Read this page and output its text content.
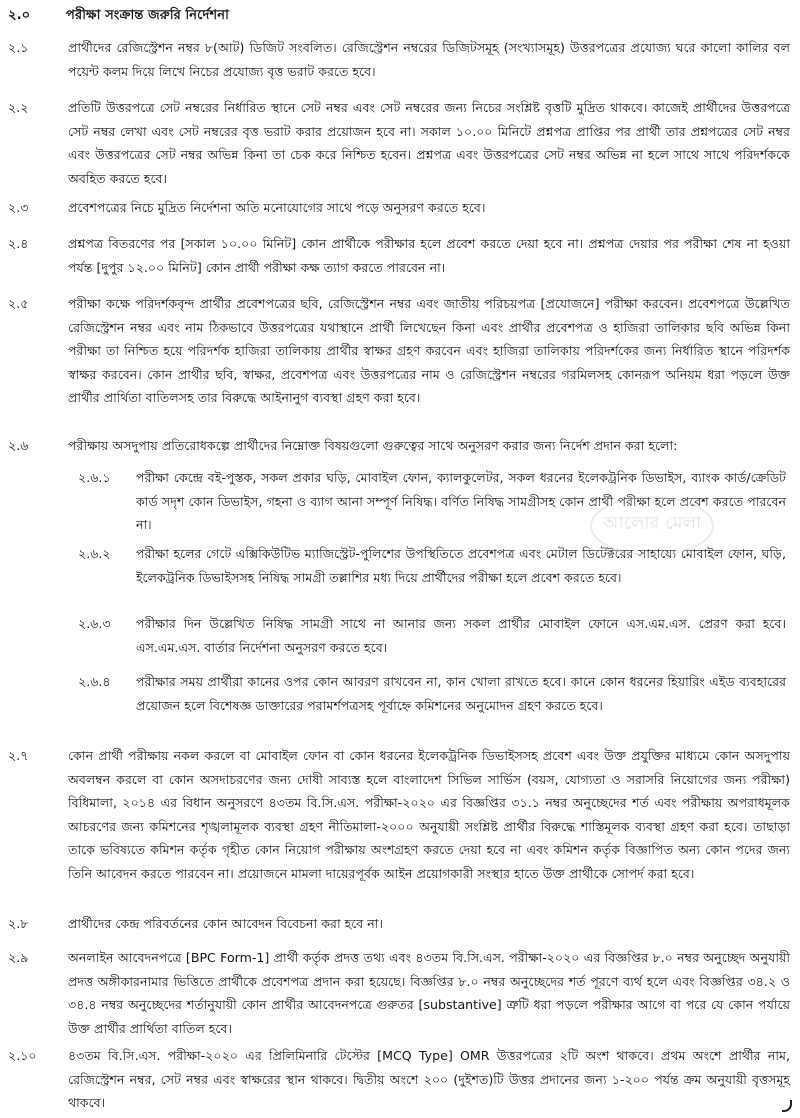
২.০	পরীক্ষা সংক্রান্ত জরুরি নির্দেশনা
২.১	প্রার্থীদের রেজিস্ট্রেশন নম্বর ৮(আট) ডিজিট সংবলিত। রেজিস্ট্রেশন নম্বরের ডিজিটসমূহ (সংখ্যাসমূহ) উত্তরপত্রের প্রযোজ্য ঘরে কালো কালির বল পয়েন্ট কলম দিয়ে লিখে নিচের প্রযোজ্য বৃত্ত ভরাট করতে হবে।
২.২	প্রতিটি উত্তরপত্রে সেট নম্বরের নির্ধারিত স্থানে সেট নম্বর এবং সেট নম্বরের জন্য নিচের সংশ্লিষ্ট বৃত্তটি মুদ্রিত থাকবে। কাজেই প্রার্থীদের উত্তরপত্রে সেট নম্বর লেখা এবং সেট নম্বরের বৃত্ত ভরাট করার প্রয়োজন হবে না। সকাল ১০.০০ মিনিটে প্রশ্নপত্র প্রাপ্তির পর প্রার্থী তার প্রশ্নপত্রের সেট নম্বর এবং উত্তরপত্রের সেট নম্বর অভিন্ন কিনা তা চেক করে নিশ্চিত হবেন। প্রশ্নপত্র এবং উত্তরপত্রের সেট নম্বর অভিন্ন না হলে সাথে সাথে পরিদর্শককে অবহিত করতে হবে।
২.৩	প্রবেশপত্রের নিচে মুদ্রিত নির্দেশনা অতি মনোযোগের সাথে পড়ে অনুসরণ করতে হবে।
২.৪	প্রশ্নপত্র বিতরণের পর [সকাল ১০.০০ মিনিট] কোন প্রার্থীকে পরীক্ষার হলে প্রবেশ করতে দেয়া হবে না। প্রশ্নপত্র দেয়ার পর পরীক্ষা শেষ না হওয়া পর্যন্ত [দুপুর ১২.০০ মিনিট] কোন প্রার্থী পরীক্ষা কক্ষ ত্যাগ করতে পারবেন না।
২.৫	পরীক্ষা কক্ষে পরিদর্শকবৃন্দ প্রার্থীর প্রবেশপত্রের ছবি, রেজিস্ট্রেশন নম্বর এবং জাতীয় পরিচয়পত্র [প্রযোজনে] পরীক্ষা করবেন। প্রবেশপত্রে উল্লেখিত রেজিস্ট্রেশন নম্বর এবং নাম ঠিকভাবে উত্তরপত্রের যথাস্থানে প্রার্থী লিখেছেন কিনা এবং প্রার্থীর প্রবেশপত্র ও হাজিরা তালিকার ছবি অভিন্ন কিনা পরীক্ষা তা নিশ্চিত হয়ে পরিদর্শক হাজিরা তালিকায় প্রার্থীর স্বাক্ষর গ্রহণ করবেন এবং হাজিরা তালিকায় পরিদর্শকের জন্য নির্ধারিত স্থানে পরিদর্শক স্বাক্ষর করবেন। কোন প্রার্থীর ছবি, স্বাক্ষর, প্রবেশপত্র এবং উত্তরপত্রের নাম ও রেজিস্ট্রেশন নম্বরের গরমিলসহ কোনরূপ অনিয়ম ধরা পড়লে উক্ত প্রার্থীর প্রার্থিতা বাতিলসহ তার বিরুদ্ধে আইনানুগ ব্যবস্থা গ্রহণ করা হবে।
২.৬	পরীক্ষায় অসদুপায় প্রতিরোধকল্পে প্রার্থীদের নিম্নোক্ত বিষয়গুলো গুরুত্বের সাথে অনুসরণ করার জন্য নির্দেশ প্রদান করা হলো:
২.৬.১	পরীক্ষা কেন্দ্রে বই-পুস্তক, সকল প্রকার ঘড়ি, মোবাইল ফোন, ক্যালকুলেটর, সকল ধরনের ইলেকট্রনিক ডিভাইস, ব্যাংক কার্ড/ক্রেডিট কার্ড সদৃশ কোন ডিভাইস, গহনা ও ব্যাগ আনা সম্পূর্ণ নিষিদ্ধ। বর্ণিত নিষিদ্ধ সামগ্রীসহ কোন প্রার্থী পরীক্ষা হলে প্রবেশ করতে পারবেন না।
২.৬.২	পরীক্ষা হলের গেটে এক্সিকিউটিভ ম্যাজিস্ট্রেট-পুলিশের উপস্থিতিতে প্রবেশপত্র এবং মেটাল ডিটেক্টরের সাহায্যে মোবাইল ফোন, ঘড়ি, ইলেকট্রনিক ডিভাইসসহ নিষিদ্ধ সামগ্রী তল্লাশির মধ্য দিয়ে প্রার্থীদের পরীক্ষা হলে প্রবেশ করতে হবে।
২.৬.৩	পরীক্ষার দিন উল্লেখিত নিষিদ্ধ সামগ্রী সাথে না আনার জন্য সকল প্রার্থীর মোবাইল ফোনে এস.এম.এস. প্রেরণ করা হবে। এস.এম.এস. বার্তার নির্দেশনা অনুসরণ করতে হবে।
২.৬.৪	পরীক্ষার সময় প্রার্থীরা কানের ওপর কোন আবরণ রাখবেন না, কান খোলা রাখতে হবে। কানে কোন ধরনের হিয়ারিং এইড ব্যবহারের প্রয়োজন হলে বিশেষজ্ঞ ডাক্তারের পরামর্শপত্রসহ পূর্বাহ্নে কমিশনের অনুমোদন গ্রহণ করতে হবে।
২.৭	কোন প্রার্থী পরীক্ষায় নকল করলে বা মোবাইল ফোন বা কোন ধরনের ইলেকট্রনিক ডিভাইসসহ প্রবেশ এবং উক্ত প্রযুক্তির মাধ্যমে কোন অসদুপায় অবলম্বন করলে বা কোন অসদাচরণের জন্য দোষী সাব্যস্ত হলে বাংলাদেশ সিভিল সার্ভিস (বয়স, যোগ্যতা ও সরাসরি নিয়োগের জন্য পরীক্ষা) বিধিমালা, ২০১৪ এর বিধান অনুসরণে ৪৩তম বি.সি.এস. পরীক্ষা-২০২০ এর বিজ্ঞপ্তির ৩১.১ নম্বর অনুচ্ছেদের শর্ত এবং পরীক্ষায় অপরাধমূলক আচরণের জন্য কমিশনের শৃঙ্খলামূলক ব্যবস্থা গ্রহণ নীতিমালা-২০০০ অনুযায়ী সংশ্লিষ্ট প্রার্থীর বিরুদ্ধে শাস্তিমূলক ব্যবস্থা গ্রহণ করা হবে। তাছাড়া তাকে ভবিষ্যতে কমিশন কর্তৃক গৃহীত কোন নিয়োগ পরীক্ষায় অংশগ্রহণ করতে দেয়া হবে না এবং কমিশন কর্তৃক বিজ্ঞাপিত অন্য কোন পদের জন্য তিনি আবেদন করতে পারবেন না। প্রয়োজনে মামলা দায়েরপূর্বক আইন প্রয়োগকারী সংস্থার হাতে উক্ত প্রার্থীকে সোপর্দ করা হবে।
২.৮	প্রার্থীদের কেন্দ্র পরিবর্তনের কোন আবেদন বিবেচনা করা হবে না।
২.৯	অনলাইন আবেদনপত্রে [BPC Form-1] প্রার্থী কর্তৃক প্রদত্ত তথ্য এবং ৪৩তম বি.সি.এস. পরীক্ষা-২০২০ এর বিজ্ঞপ্তির ৮.০ নম্বর অনুচ্ছেদ অনুযায়ী প্রদত্ত অঙ্গীকারনামার ভিত্তিতে প্রার্থীকে প্রবেশপত্র প্রদান করা হয়েছে। বিজ্ঞপ্তির ৮.০ নম্বর অনুচ্ছেদের শর্ত পূরণে ব্যর্থ হলে এবং বিজ্ঞপ্তির ৩৪.২ ও ৩৪.৪ নম্বর অনুচ্ছেদের শর্তানুযায়ী কোন প্রার্থীর আবেদনপত্রে গুরুতর [substantive] ত্রুটি ধরা পড়লে পরীক্ষার আগে বা পরে যে কোন পর্যায়ে উক্ত প্রার্থীর প্রার্থিতা বাতিল হবে।
২.১০	৪৩তম বি.সি.এস. পরীক্ষা-২০২০ এর প্রিলিমিনারি টেস্টের [MCQ Type] OMR উত্তরপত্রের ২টি অংশ থাকবে। প্রথম অংশে প্রার্থীর নাম, রেজিস্ট্রেশন নম্বর, সেট নম্বর এবং স্বাক্ষরের স্থান থাকবে। দ্বিতীয় অংশে ২০০ (দুইশত)টি উত্তর প্রদানের জন্য ১-২০০ পর্যন্ত ক্রম অনুযায়ী বৃত্তসমূহ থাকবে।
আলোর মেলা
